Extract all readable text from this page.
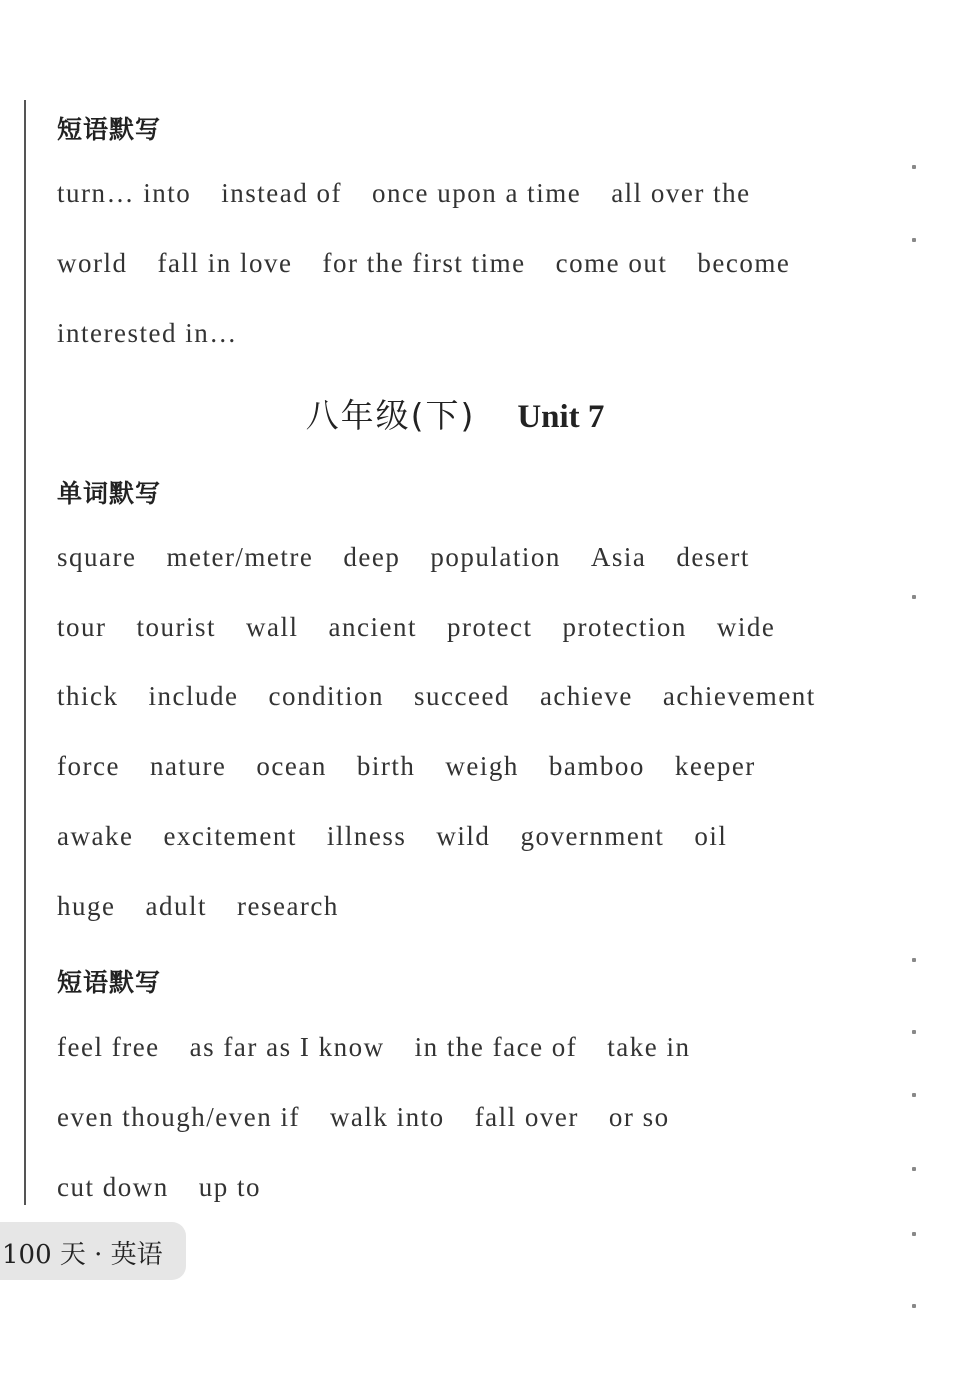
短语默写
turn… into instead of once upon a time all over the
world fall in love for the first time come out become
interested in…
八年级(下) Unit 7
单词默写
square meter/metre deep population Asia desert
tour tourist wall ancient protect protection wide
thick include condition succeed achieve achievement
force nature ocean birth weigh bamboo keeper
awake excitement illness wild government oil
huge adult research
短语默写
feel free as far as I know in the face of take in
even though/even if walk into fall over or so
cut down up to
100 天 · 英语
